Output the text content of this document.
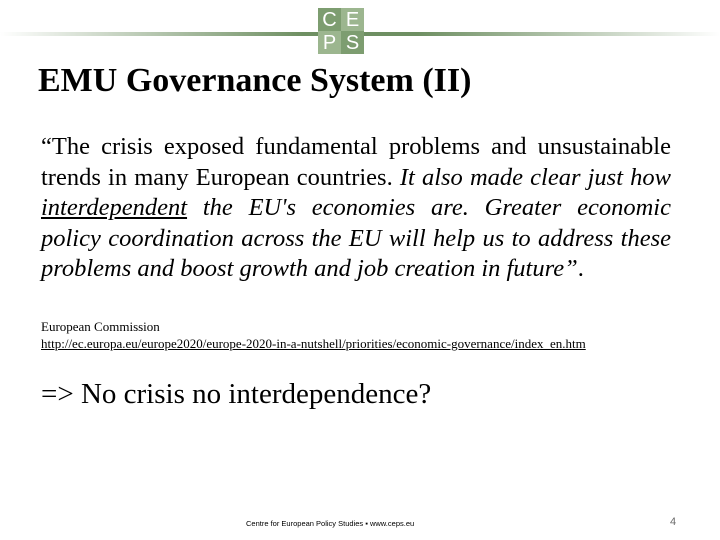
C E
P S
EMU Governance System (II)
“The crisis exposed fundamental problems and unsustainable trends in many European countries. It also made clear just how interdependent the EU's economies are. Greater economic policy coordination across the EU will help us to address these problems and boost growth and job creation in future”.
European Commission
http://ec.europa.eu/europe2020/europe-2020-in-a-nutshell/priorities/economic-governance/index_en.htm
=> No crisis no interdependence?
Centre for European Policy Studies ▪ www.ceps.eu	4
